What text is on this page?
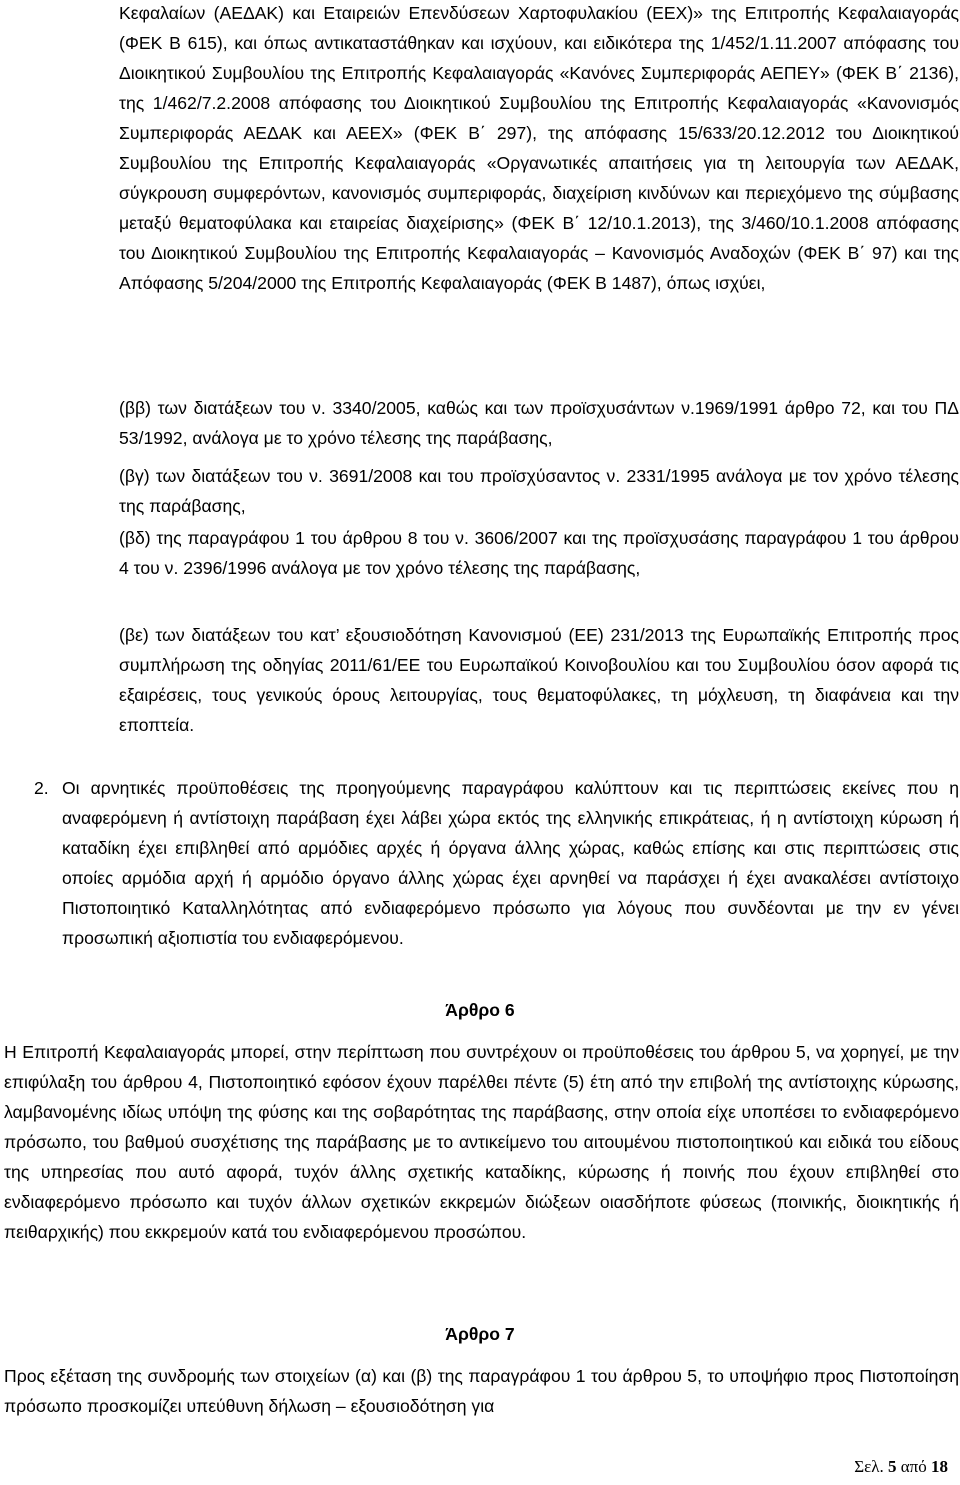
Κεφαλαίων (ΑΕΔΑΚ) και Εταιρειών Επενδύσεων Χαρτοφυλακίου (ΕΕΧ)» της Επιτροπής Κεφαλαιαγοράς (ΦΕΚ Β 615), και όπως αντικαταστάθηκαν και ισχύουν, και ειδικότερα της 1/452/1.11.2007 απόφασης του Διοικητικού Συμβουλίου της Επιτροπής Κεφαλαιαγοράς «Κανόνες Συμπεριφοράς ΑΕΠΕΥ» (ΦΕΚ Β΄ 2136), της 1/462/7.2.2008 απόφασης του Διοικητικού Συμβουλίου της Επιτροπής Κεφαλαιαγοράς «Κανονισμός Συμπεριφοράς ΑΕΔΑΚ και ΑΕΕΧ» (ΦΕΚ Β΄ 297), της απόφασης 15/633/20.12.2012 του Διοικητικού Συμβουλίου της Επιτροπής Κεφαλαιαγοράς «Οργανωτικές απαιτήσεις για τη λειτουργία των ΑΕΔΑΚ, σύγκρουση συμφερόντων, κανονισμός συμπεριφοράς, διαχείριση κινδύνων και περιεχόμενο της σύμβασης μεταξύ θεματοφύλακα και εταιρείας διαχείρισης» (ΦΕΚ Β΄ 12/10.1.2013), της 3/460/10.1.2008 απόφασης του Διοικητικού Συμβουλίου της Επιτροπής Κεφαλαιαγοράς – Κανονισμός Αναδοχών (ΦΕΚ Β΄ 97) και της Απόφασης 5/204/2000 της Επιτροπής Κεφαλαιαγοράς (ΦΕΚ Β 1487), όπως ισχύει,

(ββ) των διατάξεων του ν. 3340/2005, καθώς και των προϊσχυσάντων ν.1969/1991 άρθρο 72, και του ΠΔ 53/1992, ανάλογα με το χρόνο τέλεσης της παράβασης,

(βγ) των διατάξεων του ν. 3691/2008 και του προϊσχύσαντος ν. 2331/1995 ανάλογα με τον χρόνο τέλεσης της παράβασης,

(βδ) της παραγράφου 1 του άρθρου 8 του ν. 3606/2007 και της προϊσχυσάσης παραγράφου 1 του άρθρου 4 του ν. 2396/1996 ανάλογα με τον χρόνο τέλεσης της παράβασης,

(βε) των διατάξεων του κατ’ εξουσιοδότηση Κανονισμού (ΕΕ) 231/2013 της Ευρωπαϊκής Επιτροπής προς συμπλήρωση της οδηγίας 2011/61/ΕΕ του Ευρωπαϊκού Κοινοβουλίου και του Συμβουλίου όσον αφορά τις εξαιρέσεις, τους γενικούς όρους λειτουργίας, τους θεματοφύλακες, τη μόχλευση, τη διαφάνεια και την εποπτεία.

2. Οι αρνητικές προϋποθέσεις της προηγούμενης παραγράφου καλύπτουν και τις περιπτώσεις εκείνες που η αναφερόμενη ή αντίστοιχη παράβαση έχει λάβει χώρα εκτός της ελληνικής επικράτειας, ή η αντίστοιχη κύρωση ή καταδίκη έχει επιβληθεί από αρμόδιες αρχές ή όργανα άλλης χώρας, καθώς επίσης και στις περιπτώσεις στις οποίες αρμόδια αρχή ή αρμόδιο όργανο άλλης χώρας έχει αρνηθεί να παράσχει ή έχει ανακαλέσει αντίστοιχο Πιστοποιητικό Καταλληλότητας από ενδιαφερόμενο πρόσωπο για λόγους που συνδέονται με την εν γένει προσωπική αξιοπιστία του ενδιαφερόμενου.

Άρθρο 6

Η Επιτροπή Κεφαλαιαγοράς μπορεί, στην περίπτωση που συντρέχουν οι προϋποθέσεις του άρθρου 5, να χορηγεί, με την επιφύλαξη του άρθρου 4, Πιστοποιητικό εφόσον έχουν παρέλθει πέντε (5) έτη από την επιβολή της αντίστοιχης κύρωσης, λαμβανομένης ιδίως υπόψη της φύσης και της σοβαρότητας της παράβασης, στην οποία είχε υποπέσει το ενδιαφερόμενο πρόσωπο, του βαθμού συσχέτισης της παράβασης με το αντικείμενο του αιτουμένου πιστοποιητικού και ειδικά του είδους της υπηρεσίας που αυτό αφορά, τυχόν άλλης σχετικής καταδίκης, κύρωσης ή ποινής που έχουν επιβληθεί στο ενδιαφερόμενο πρόσωπο και τυχόν άλλων σχετικών εκκρεμών διώξεων οιασδήποτε φύσεως (ποινικής, διοικητικής ή πειθαρχικής) που εκκρεμούν κατά του ενδιαφερόμενου προσώπου.

Άρθρο 7

Προς εξέταση της συνδρομής των στοιχείων (α) και (β) της παραγράφου 1 του άρθρου 5, το υποψήφιο προς Πιστοποίηση πρόσωπο προσκομίζει υπεύθυνη δήλωση – εξουσιοδότηση για

Σελ. 5 από 18
